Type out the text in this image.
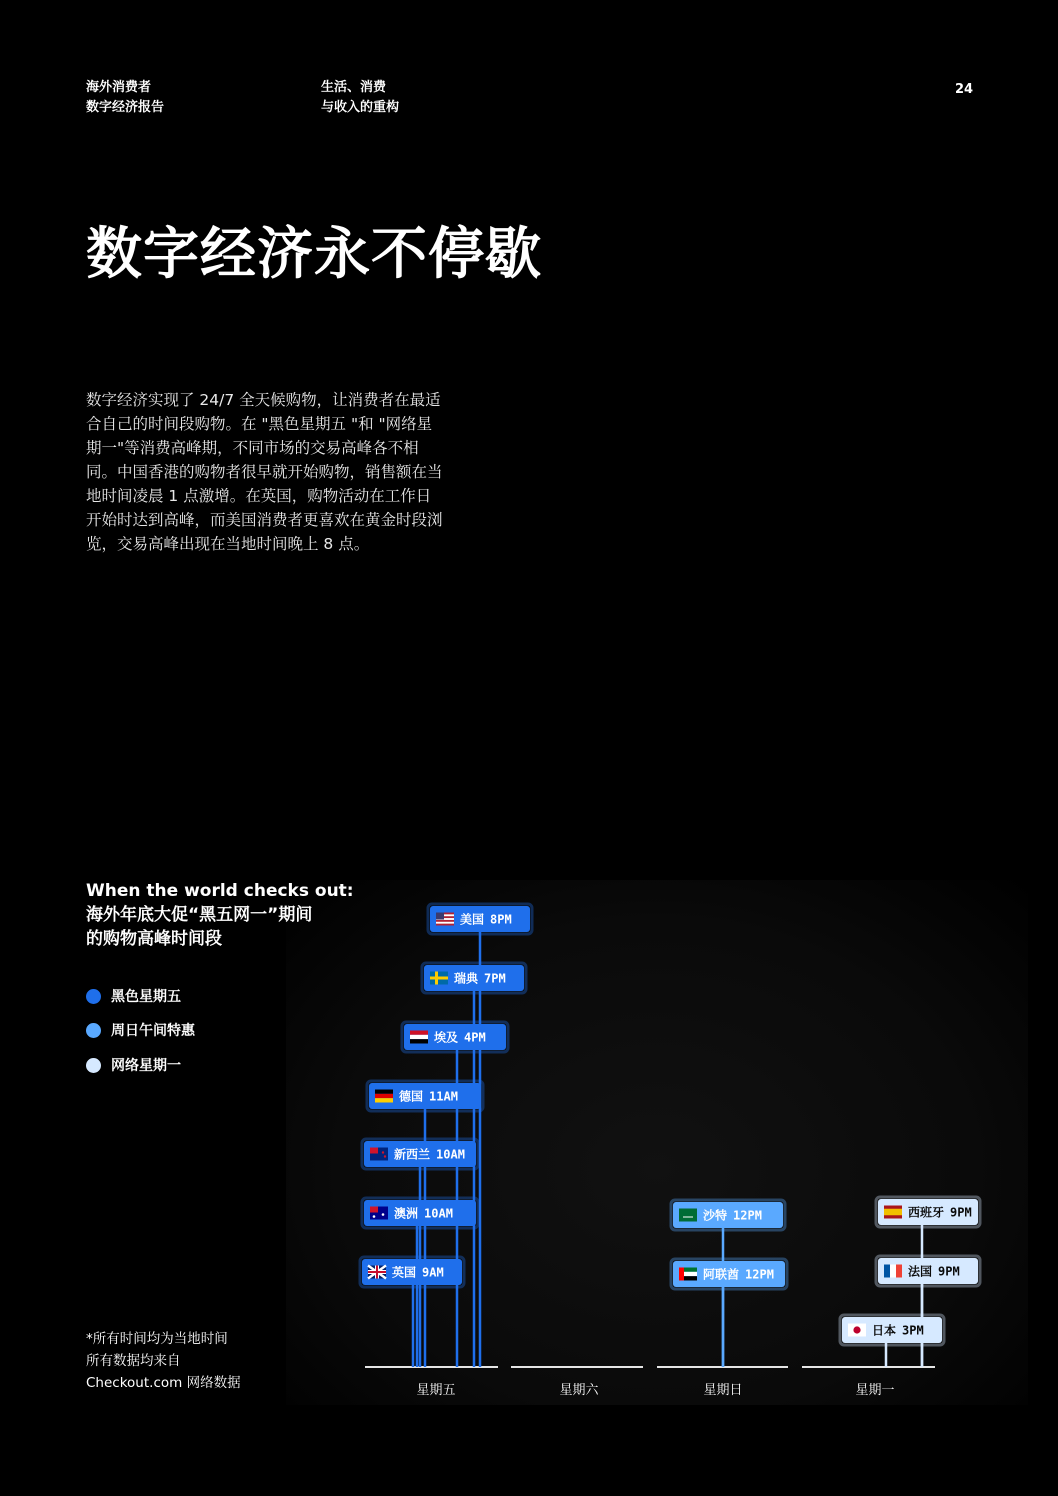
海外消费者
数字经济报告
生活、消费
与收入的重构
24
数字经济永不停歇
数字经济实现了 24/7 全天候购物，让消费者在最适合自己的时间段购物。在 "黑色星期五 "和 "网络星期一"等消费高峰期，不同市场的交易高峰各不相同。中国香港的购物者很早就开始购物，销售额在当地时间凌晨 1 点激增。在英国，购物活动在工作日开始时达到高峰，而美国消费者更喜欢在黄金时段浏览，交易高峰出现在当地时间晚上 8 点。
When the world checks out:
海外年底大促“黑五网一”期间
的购物高峰时间段
黑色星期五
周日午间特惠
网络星期一
*所有时间均为当地时间
所有数据均来自
Checkout.com 网络数据	星期五	星期六	星期日	星期一
美国 8PM
瑞典 7PM
埃及 4PM
德国 11AM
新西兰 10AM
澳洲 10AM
英国 9AM
沙特 12PM
阿联酋 12PM
西班牙 9PM
法国 9PM
日本 3PM
